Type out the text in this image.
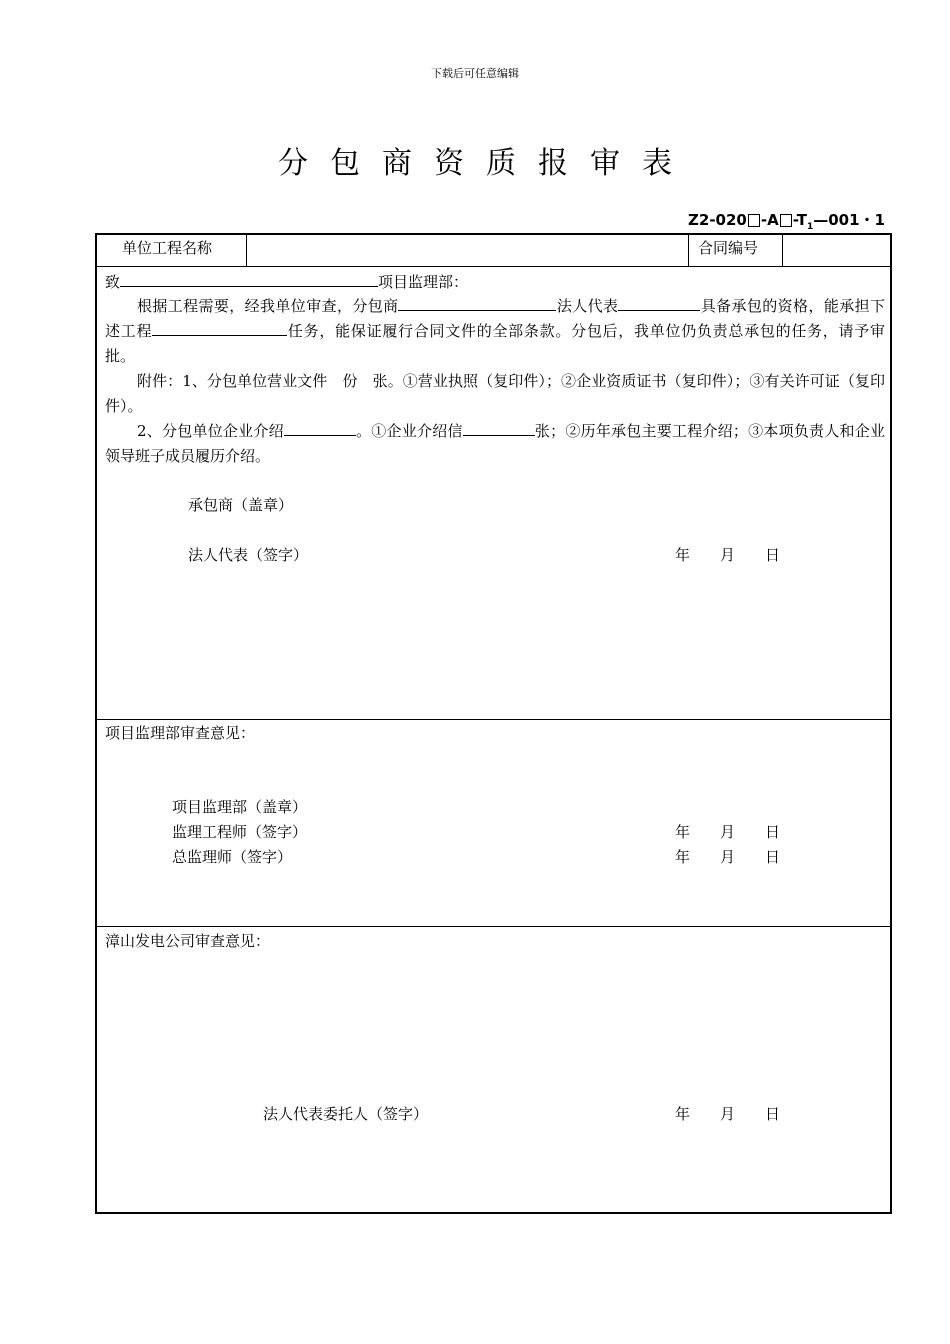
下载后可任意编辑
分包商资质报审表
Z2-020 -A $-T_1—001$・1
单位工程名称	合同编号
致	项目监理部：
根据工程需要，经我单位审查，分包商	法人代表	具备承包的资格，能承担下述工程	任务，能保证履行合同文件的全部条款。分包后，我单位仍负责总承包的任务，请予审批。
附件：1、分包单位营业文件　份　张。①营业执照（复印件）；②企业资质证书（复印件）；③有关许可证（复印件）。
2、分包单位企业介绍	。①企业介绍信	张；②历年承包主要工程介绍；③本项负责人和企业领导班子成员履历介绍。
承包商（盖章）
法人代表（签字）	年　　月　　日
项目监理部审查意见：
项目监理部（盖章）
监理工程师（签字）	年　　月　　日
总监理师（签字）	年　　月　　日
漳山发电公司审查意见：
法人代表委托人（签字）	年　　月　　日
